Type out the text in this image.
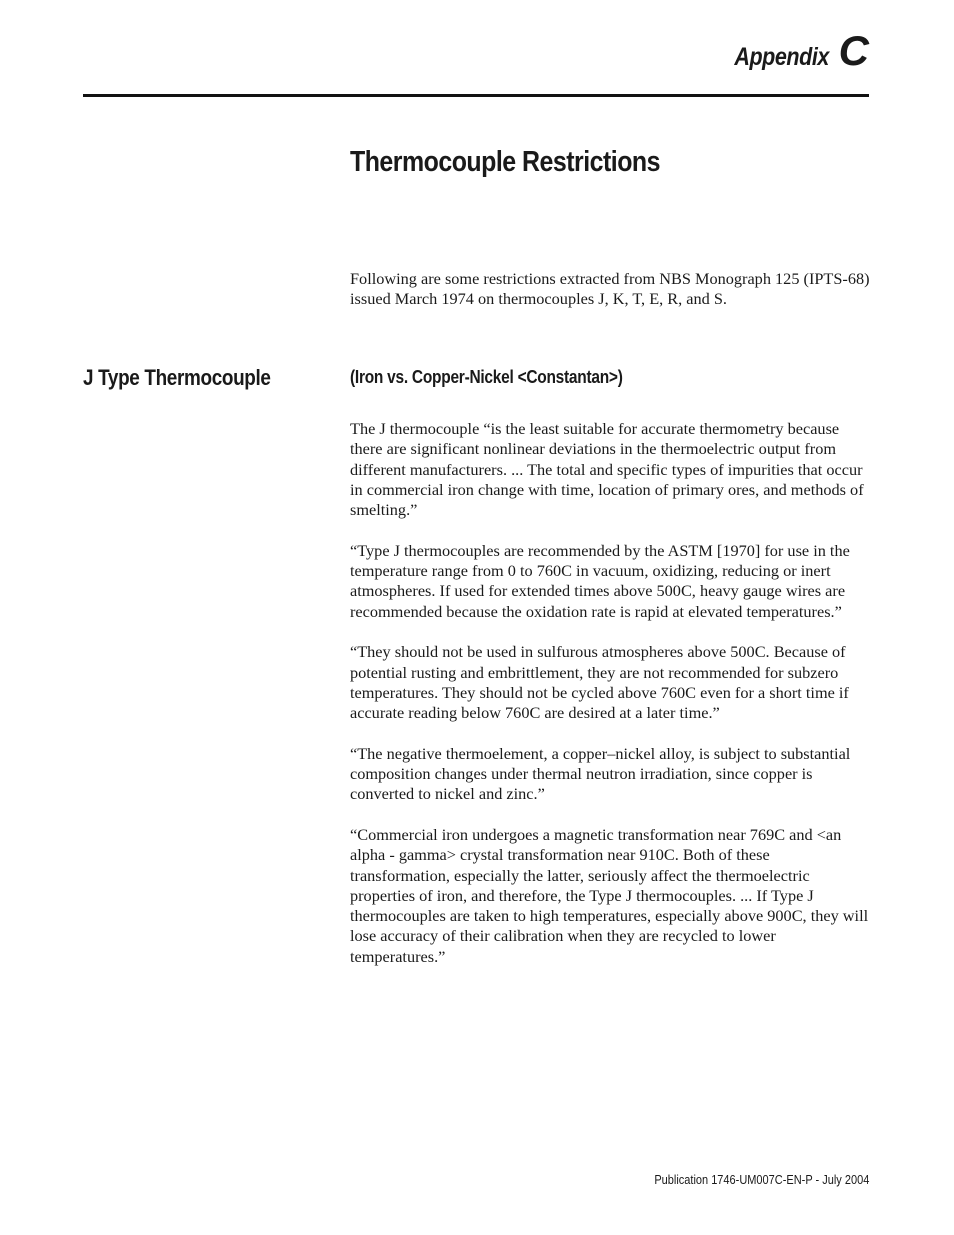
Appendix C
Thermocouple Restrictions

Following are some restrictions extracted from NBS Monograph 125 (IPTS-68) issued March 1974 on thermocouples J, K, T, E, R, and S.

J Type Thermocouple	(Iron vs. Copper-Nickel <Constantan>)

The J thermocouple “is the least suitable for accurate thermometry because there are significant nonlinear deviations in the thermoelectric output from different manufacturers. ... The total and specific types of impurities that occur in commercial iron change with time, location of primary ores, and methods of smelting.”

“Type J thermocouples are recommended by the ASTM [1970] for use in the temperature range from 0 to 760C in vacuum, oxidizing, reducing or inert atmospheres. If used for extended times above 500C, heavy gauge wires are recommended because the oxidation rate is rapid at elevated temperatures.”

“They should not be used in sulfurous atmospheres above 500C. Because of potential rusting and embrittlement, they are not recommended for subzero temperatures. They should not be cycled above 760C even for a short time if accurate reading below 760C are desired at a later time.”

“The negative thermoelement, a copper–nickel alloy, is subject to substantial composition changes under thermal neutron irradiation, since copper is converted to nickel and zinc.”

“Commercial iron undergoes a magnetic transformation near 769C and <an alpha - gamma> crystal transformation near 910C. Both of these transformation, especially the latter, seriously affect the thermoelectric properties of iron, and therefore, the Type J thermocouples. ... If Type J thermocouples are taken to high temperatures, especially above 900C, they will lose accuracy of their calibration when they are recycled to lower temperatures.”

Publication 1746-UM007C-EN-P - July 2004
